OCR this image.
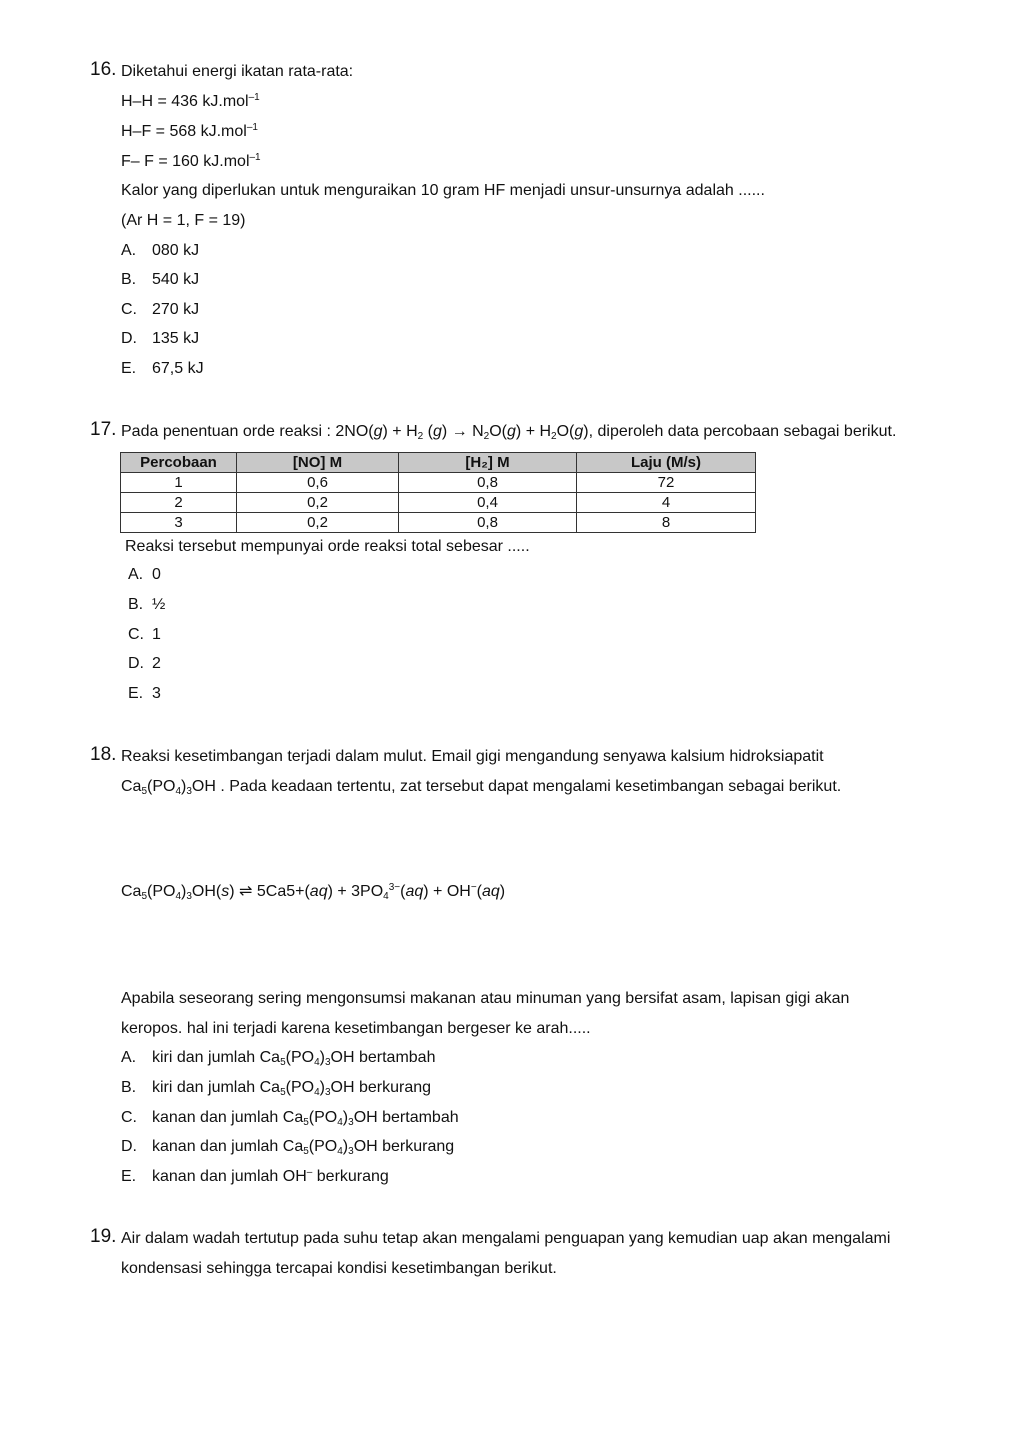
16. Diketahui energi ikatan rata-rata:
H–H = 436 kJ.mol$^{-1}$
H–F = 568 kJ.mol$^{-1}$
F– F = 160 kJ.mol$^{-1}$
Kalor yang diperlukan untuk menguraikan 10 gram HF menjadi unsur-unsurnya adalah ......
(Ar H = 1, F = 19)
A. 080 kJ
B. 540 kJ
C. 270 kJ
D. 135 kJ
E. 67,5 kJ
17. Pada penentuan orde reaksi : $2NO(g) + H_2$ $(g) \to N_2O(g) + H_2O(g)$, diperoleh data percobaan sebagai berikut.
Percobaan	[NO] M	[H₂] M	Laju (M/s)
1	0,6	0,8	72
2	0,2	0,4	4
3	0,2	0,8	8
Reaksi tersebut mempunyai orde reaksi total sebesar .....
A. 0
B. ½
C. 1
D. 2
E. 3
18. Reaksi kesetimbangan terjadi dalam mulut. Email gigi mengandung senyawa kalsium hidroksiapatit
$Ca_5(PO_4)_3OH$ . Pada keadaan tertentu, zat tersebut dapat mengalami kesetimbangan sebagai berikut.
$Ca_5(PO_4)_3OH(s)$ ⇌ $5Ca5+(aq) + 3PO_4^{3-}(aq) + OH^-(aq)$
Apabila seseorang sering mengonsumsi makanan atau minuman yang bersifat asam, lapisan gigi akan
keropos. hal ini terjadi karena kesetimbangan bergeser ke arah.....
A. kiri dan jumlah $Ca_5(PO_4)_3OH$ bertambah
B. kiri dan jumlah $Ca_5(PO_4)_3OH$ berkurang
C. kanan dan jumlah $Ca_5(PO_4)_3OH$ bertambah
D. kanan dan jumlah $Ca_5(PO_4)_3OH$ berkurang
E. kanan dan jumlah OH– berkurang
19. Air dalam wadah tertutup pada suhu tetap akan mengalami penguapan yang kemudian uap akan mengalami
kondensasi sehingga tercapai kondisi kesetimbangan berikut.
